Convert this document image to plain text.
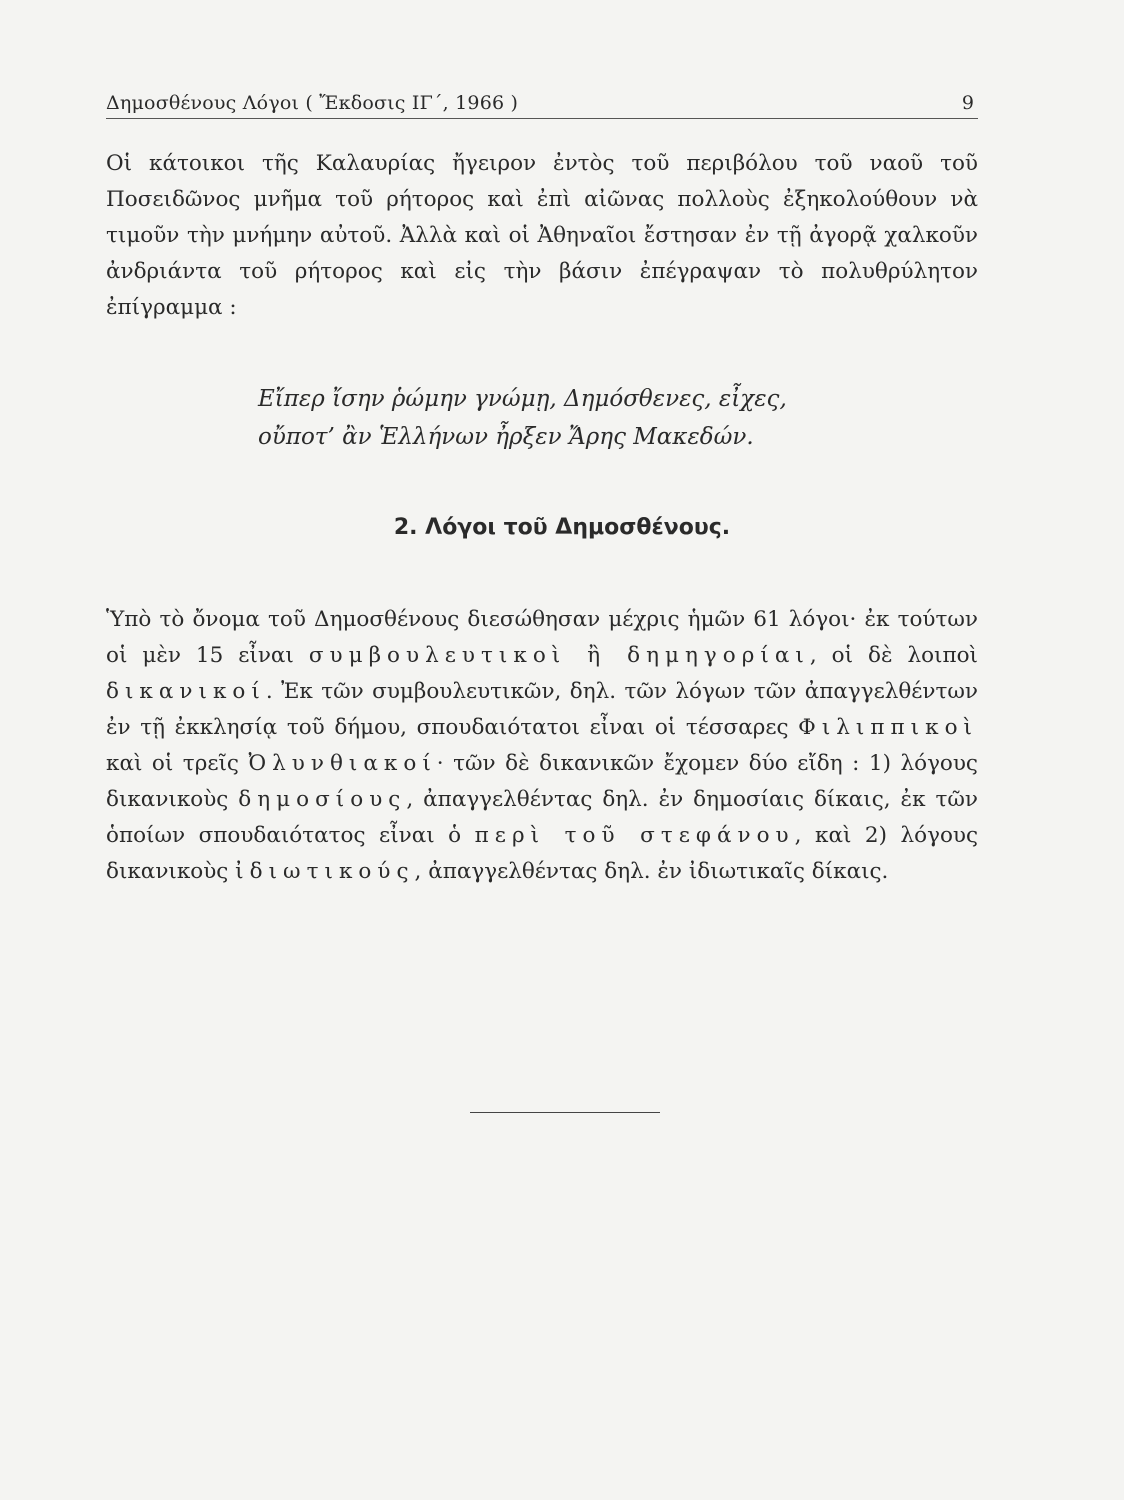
Δημοσθένους Λόγοι ( Ἔκδοσις ΙΓ΄, 1966 )	9

Οἱ κάτοικοι τῆς Καλαυρίας ἤγειρον ἐντὸς τοῦ περιβόλου τοῦ ναοῦ τοῦ Ποσειδῶνος μνῆμα τοῦ ρήτορος καὶ ἐπὶ αἰῶνας πολλοὺς ἐξηκολούθουν νὰ τιμοῦν τὴν μνήμην αὐτοῦ. Ἀλλὰ καὶ οἱ Ἀθηναῖοι ἔστησαν ἐν τῇ ἀγορᾷ χαλκοῦν ἀνδριάντα τοῦ ρήτορος καὶ εἰς τὴν βάσιν ἐπέγραψαν τὸ πολυθρύλητον ἐπίγραμμα :

Εἴπερ ἴσην ῥώμην γνώμῃ, Δημόσθενες, εἶχες,
οὔποτ’ ἂν Ἑλλήνων ἦρξεν Ἄρης Μακεδών.
2. Λόγοι τοῦ Δημοσθένους.

Ὑπὸ τὸ ὄνομα τοῦ Δημοσθένους διεσώθησαν μέχρις ἡμῶν 61 λόγοι· ἐκ τούτων οἱ μὲν 15 εἶναι συμβουλευτικοὶ ἢ δημηγορίαι, οἱ δὲ λοιποὶ δικανικοί. Ἐκ τῶν συμβουλευτικῶν, δηλ. τῶν λόγων τῶν ἀπαγγελθέντων ἐν τῇ ἐκκλησίᾳ τοῦ δήμου, σπουδαιότατοι εἶναι οἱ τέσσαρες Φιλιππικοὶ καὶ οἱ τρεῖς Ὀλυνθιακοί· τῶν δὲ δικανικῶν ἔχομεν δύο εἴδη : 1) λόγους δικανικοὺς δημοσίους, ἀπαγγελθέντας δηλ. ἐν δημοσίαις δίκαις, ἐκ τῶν ὁποίων σπουδαιότατος εἶναι ὁ περὶ τοῦ στεφάνου, καὶ 2) λόγους δικανικοὺς ἰδιωτικούς, ἀπαγγελθέντας δηλ. ἐν ἰδιωτικαῖς δίκαις.
